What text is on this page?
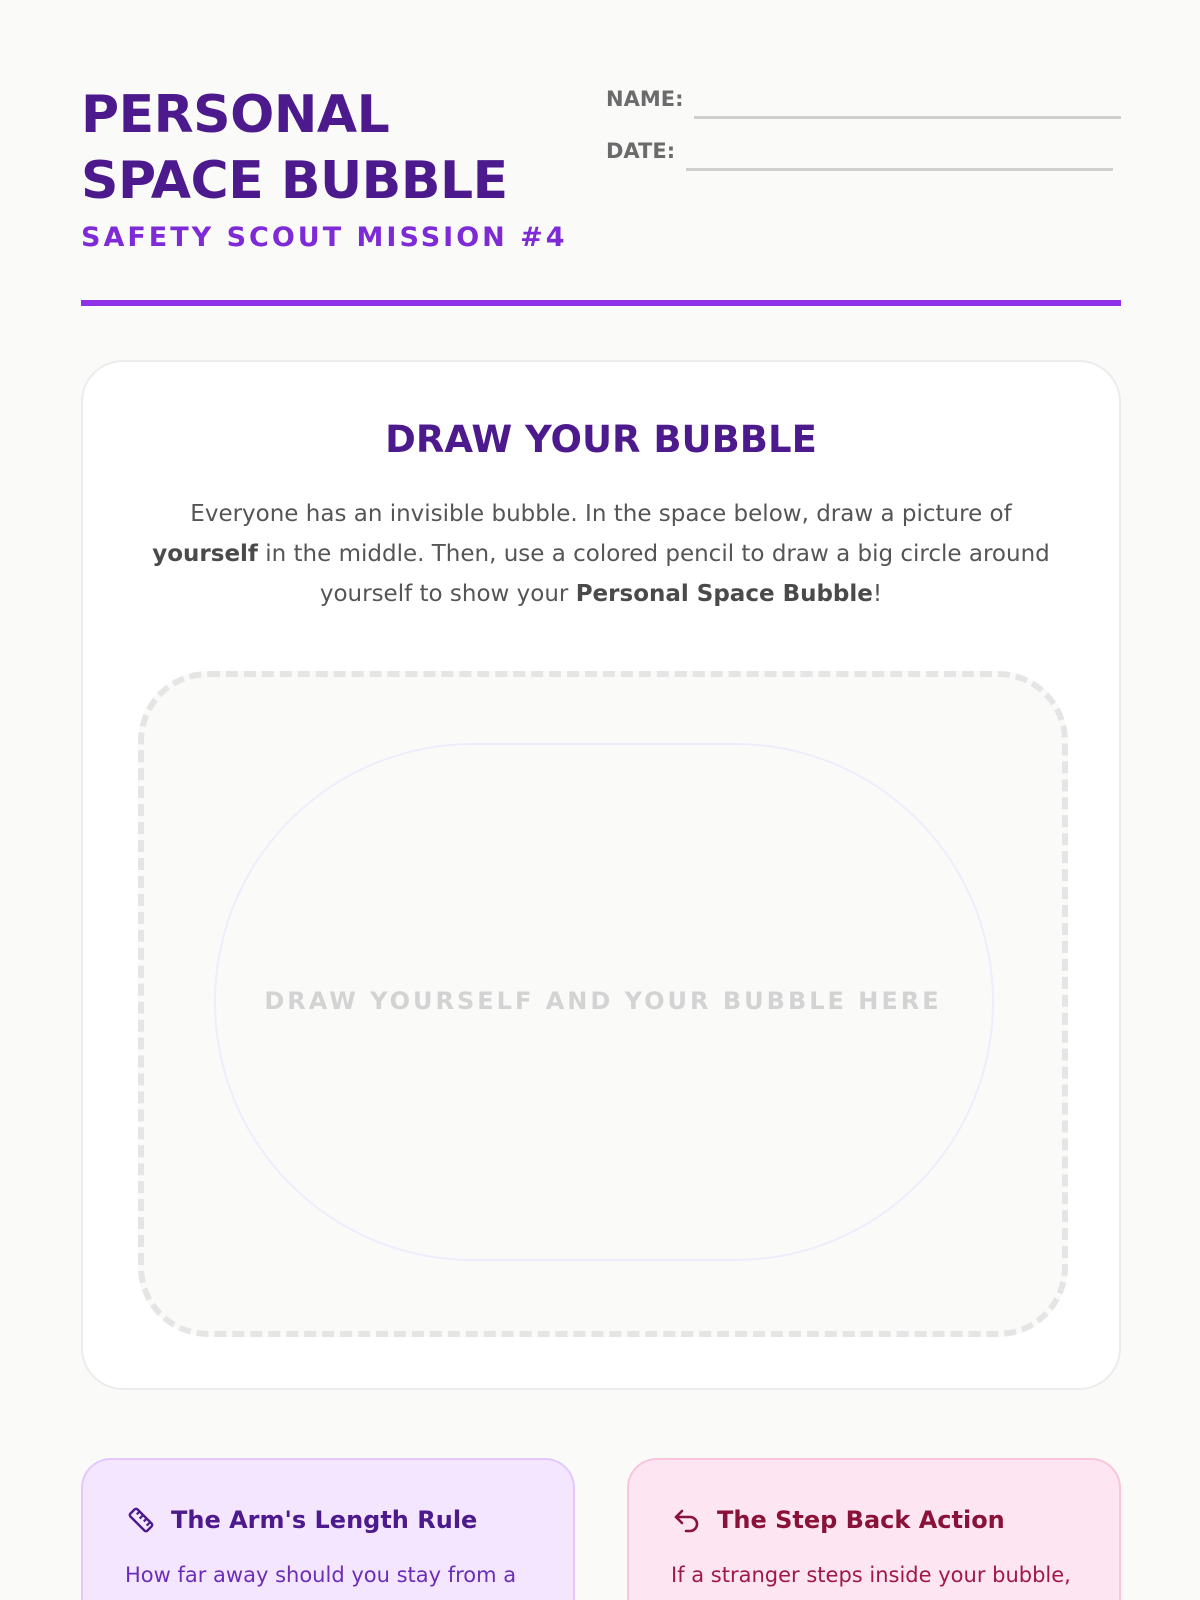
PERSONAL
SPACE BUBBLE
SAFETY SCOUT MISSION #4
NAME:
DATE:
DRAW YOUR BUBBLE

Everyone has an invisible bubble. In the space below, draw a picture of yourself in the middle. Then, use a colored pencil to draw a big circle around yourself to show your Personal Space Bubble!

DRAW YOURSELF AND YOUR BUBBLE HERE
The Arm's Length Rule
How far away should you stay from a
The Step Back Action
If a stranger steps inside your bubble,
